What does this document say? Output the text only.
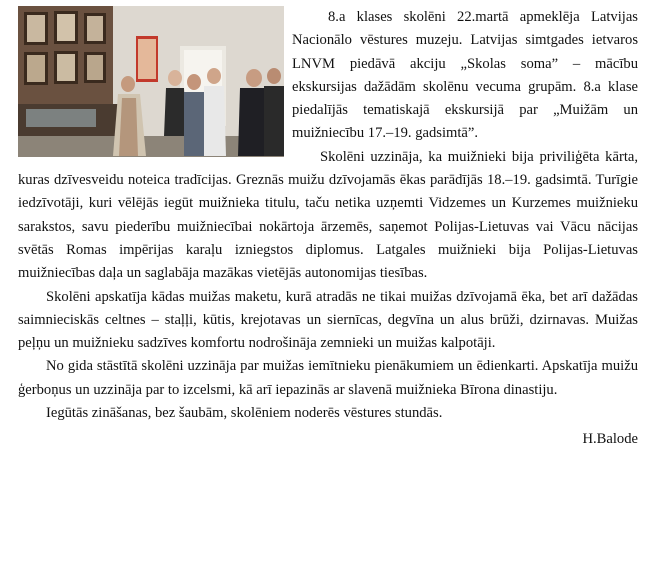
8.a klases skolēni 22.martā apmeklēja Latvijas Nacionālo vēstures muzeju. Latvijas simtgades ietvaros LNVM piedāvā akciju „Skolas soma” – mācību ekskursijas dažādām skolēnu vecuma grupām. 8.a klase piedalījās tematiskajā ekskursijā par „Muižām un muižniecību 17.–19. gadsimtā”.

Skolēni uzzināja, ka muižnieki bija priviliģēta kārta, kuras dzīvesveidu noteica tradīcijas. Greznās muižu dzīvojamās ēkas parādījās 18.–19. gadsimtā. Turīgie iedzīvotāji, kuri vēlējās iegūt muižnieka titulu, taču netika uzņemti Vidzemes un Kurzemes muižnieku sarakstos, savu piederību muižniecībai nokārtoja ārzemēs, saņemot Polijas-Lietuvas vai Vācu nācijas svētās Romas impērijas karaļu izniegstos diplomus. Latgales muižnieki bija Polijas-Lietuvas muižniecības daļa un saglabāja mazākas vietējās autonomijas tiesības.

Skolēni apskatīja kādas muižas maketu, kurā atradās ne tikai muižas dzīvojamā ēka, bet arī dažādas saimnieciskās celtnes – staļļi, kūtis, krejotavas un siernīcas, degvīna un alus brūži, dzirnavas. Muižas peļņu un muižnieku sadzīves komfortu nodrošināja zemnieki un muižas kalpotāji.

No gida stāstītā skolēni uzzināja par muižas iemītnieku pienākumiem un ēdienkarti. Apskatīja muižu ģerboņus un uzzināja par to izcelsmi, kā arī iepazinās ar slavenā muižnieka Bīrona dinastiju.

Iegūtās zināšanas, bez šaubām, skolēniem noderēs vēstures stundās.

H.Balode
